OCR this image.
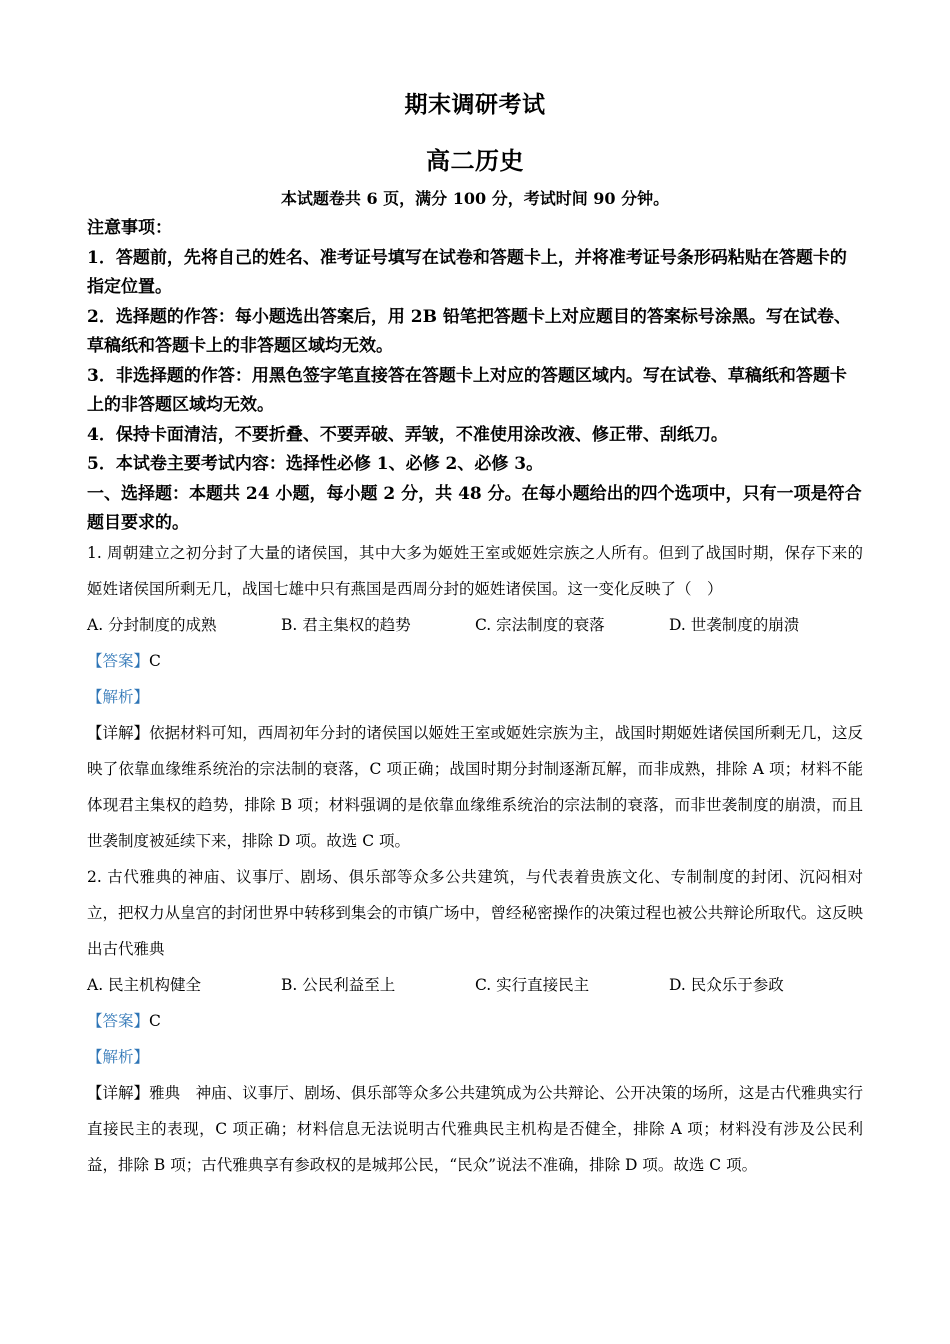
期末调研考试
高二历史
本试题卷共 6 页，满分 100 分，考试时间 90 分钟。

注意事项：

1．答题前，先将自己的姓名、准考证号填写在试卷和答题卡上，并将准考证号条形码粘贴在答题卡的指定位置。

2．选择题的作答：每小题选出答案后，用 2B 铅笔把答题卡上对应题目的答案标号涂黑。写在试卷、草稿纸和答题卡上的非答题区域均无效。

3．非选择题的作答：用黑色签字笔直接答在答题卡上对应的答题区域内。写在试卷、草稿纸和答题卡上的非答题区域均无效。

4．保持卡面清洁，不要折叠、不要弄破、弄皱，不准使用涂改液、修正带、刮纸刀。

5．本试卷主要考试内容：选择性必修 1、必修 2、必修 3。

一、选择题：本题共 24 小题，每小题 2 分，共 48 分。在每小题给出的四个选项中，只有一项是符合题目要求的。

1. 周朝建立之初分封了大量的诸侯国，其中大多为姬姓王室或姬姓宗族之人所有。但到了战国时期，保存下来的姬姓诸侯国所剩无几，战国七雄中只有燕国是西周分封的姬姓诸侯国。这一变化反映了（　）

A. 分封制度的成熟	B. 君主集权的趋势	C. 宗法制度的衰落	D. 世袭制度的崩溃

【答案】C

【解析】

【详解】依据材料可知，西周初年分封的诸侯国以姬姓王室或姬姓宗族为主，战国时期姬姓诸侯国所剩无几，这反映了依靠血缘维系统治的宗法制的衰落，C 项正确；战国时期分封制逐渐瓦解，而非成熟，排除 A 项；材料不能体现君主集权的趋势，排除 B 项；材料强调的是依靠血缘维系统治的宗法制的衰落，而非世袭制度的崩溃，而且世袭制度被延续下来，排除 D 项。故选 C 项。

2. 古代雅典的神庙、议事厅、剧场、俱乐部等众多公共建筑，与代表着贵族文化、专制制度的封闭、沉闷相对立，把权力从皇宫的封闭世界中转移到集会的市镇广场中，曾经秘密操作的决策过程也被公共辩论所取代。这反映出古代雅典

A. 民主机构健全	B. 公民利益至上	C. 实行直接民主	D. 民众乐于参政

【答案】C

【解析】

【详解】雅典　神庙、议事厅、剧场、俱乐部等众多公共建筑成为公共辩论、公开决策的场所，这是古代雅典实行直接民主的表现，C 项正确；材料信息无法说明古代雅典民主机构是否健全，排除 A 项；材料没有涉及公民利益，排除 B 项；古代雅典享有参政权的是城邦公民，“民众”说法不准确，排除 D 项。故选 C 项。
